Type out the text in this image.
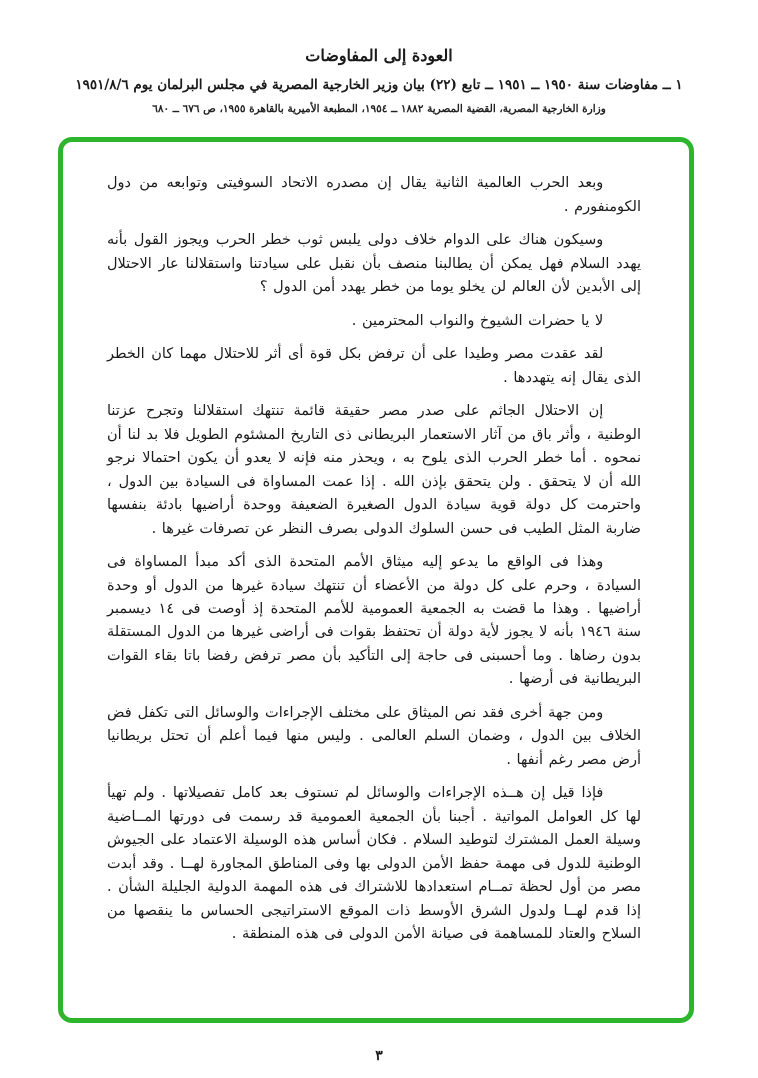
العودة إلى المفاوضات
١ ــ مفاوضات سنة ١٩٥٠ ــ ١٩٥١ ــ تابع (٢٢) بيان وزير الخارجية المصرية في مجلس البرلمان يوم ١٩٥١/٨/٦
وزارة الخارجية المصرية، القضية المصرية ١٨٨٢ ــ ١٩٥٤، المطبعة الأميرية بالقاهرة ١٩٥٥، ص ٦٧٦ ــ ٦٨٠

وبعد الحرب العالمية الثانية يقال إن مصدره الاتحاد السوفيتى وتوابعه من دول الكومنفورم .

وسيكون هناك على الدوام خلاف دولى يلبس ثوب خطر الحرب ويجوز القول بأنه يهدد السلام فهل يمكن أن يطالبنا منصف بأن نقبل على سيادتنا واستقلالنا عار الاحتلال إلى الأبدين لأن العالم لن يخلو يوما من خطر يهدد أمن الدول ؟

لا يا حضرات الشيوخ والنواب المحترمين .

لقد عقدت مصر وطيدا على أن ترفض بكل قوة أى أثر للاحتلال مهما كان الخطر الذى يقال إنه يتهددها .

إن الاحتلال الجاثم على صدر مصر حقيقة قائمة تنتهك استقلالنا وتجرح عزتنا الوطنية ، وأثر باق من آثار الاستعمار البريطانى ذى التاريخ المشئوم الطويل فلا بد لنا أن نمحوه . أما خطر الحرب الذى يلوح به ، ويحذر منه فإنه لا يعدو أن يكون احتمالا نرجو الله أن لا يتحقق . ولن يتحقق بإذن الله . إذا عمت المساواة فى السيادة بين الدول ، واحترمت كل دولة قوية سيادة الدول الصغيرة الضعيفة ووحدة أراضيها بادئة بنفسها ضاربة المثل الطيب فى حسن السلوك الدولى بصرف النظر عن تصرفات غيرها .

وهذا فى الواقع ما يدعو إليه ميثاق الأمم المتحدة الذى أكد مبدأ المساواة فى السيادة ، وحرم على كل دولة من الأعضاء أن تنتهك سيادة غيرها من الدول أو وحدة أراضيها . وهذا ما قضت به الجمعية العمومية للأمم المتحدة إذ أوصت فى ١٤ ديسمبر سنة ١٩٤٦ بأنه لا يجوز لأية دولة أن تحتفظ بقوات فى أراضى غيرها من الدول المستقلة بدون رضاها . وما أحسبنى فى حاجة إلى التأكيد بأن مصر ترفض رفضا باتا بقاء القوات البريطانية فى أرضها .

ومن جهة أخرى فقد نص الميثاق على مختلف الإجراءات والوسائل التى تكفل فض الخلاف بين الدول ، وضمان السلم العالمى . وليس منها فيما أعلم أن تحتل بريطانيا أرض مصر رغم أنفها .

فإذا قيل إن هــذه الإجراءات والوسائل لم تستوف بعد كامل تفصيلاتها . ولم تهيأ لها كل العوامل المواتية . أجبنا بأن الجمعية العمومية قد رسمت فى دورتها المــاضية وسيلة العمل المشترك لتوطيد السلام . فكان أساس هذه الوسيلة الاعتماد على الجيوش الوطنية للدول فى مهمة حفظ الأمن الدولى بها وفى المناطق المجاورة لهــا . وقد أبدت مصر من أول لحظة تمــام استعدادها للاشتراك فى هذه المهمة الدولية الجليلة الشأن . إذا قدم لهــا ولدول الشرق الأوسط ذات الموقع الاستراتيجى الحساس ما ينقصها من السلاح والعتاد للمساهمة فى صيانة الأمن الدولى فى هذه المنطقة .

٣
